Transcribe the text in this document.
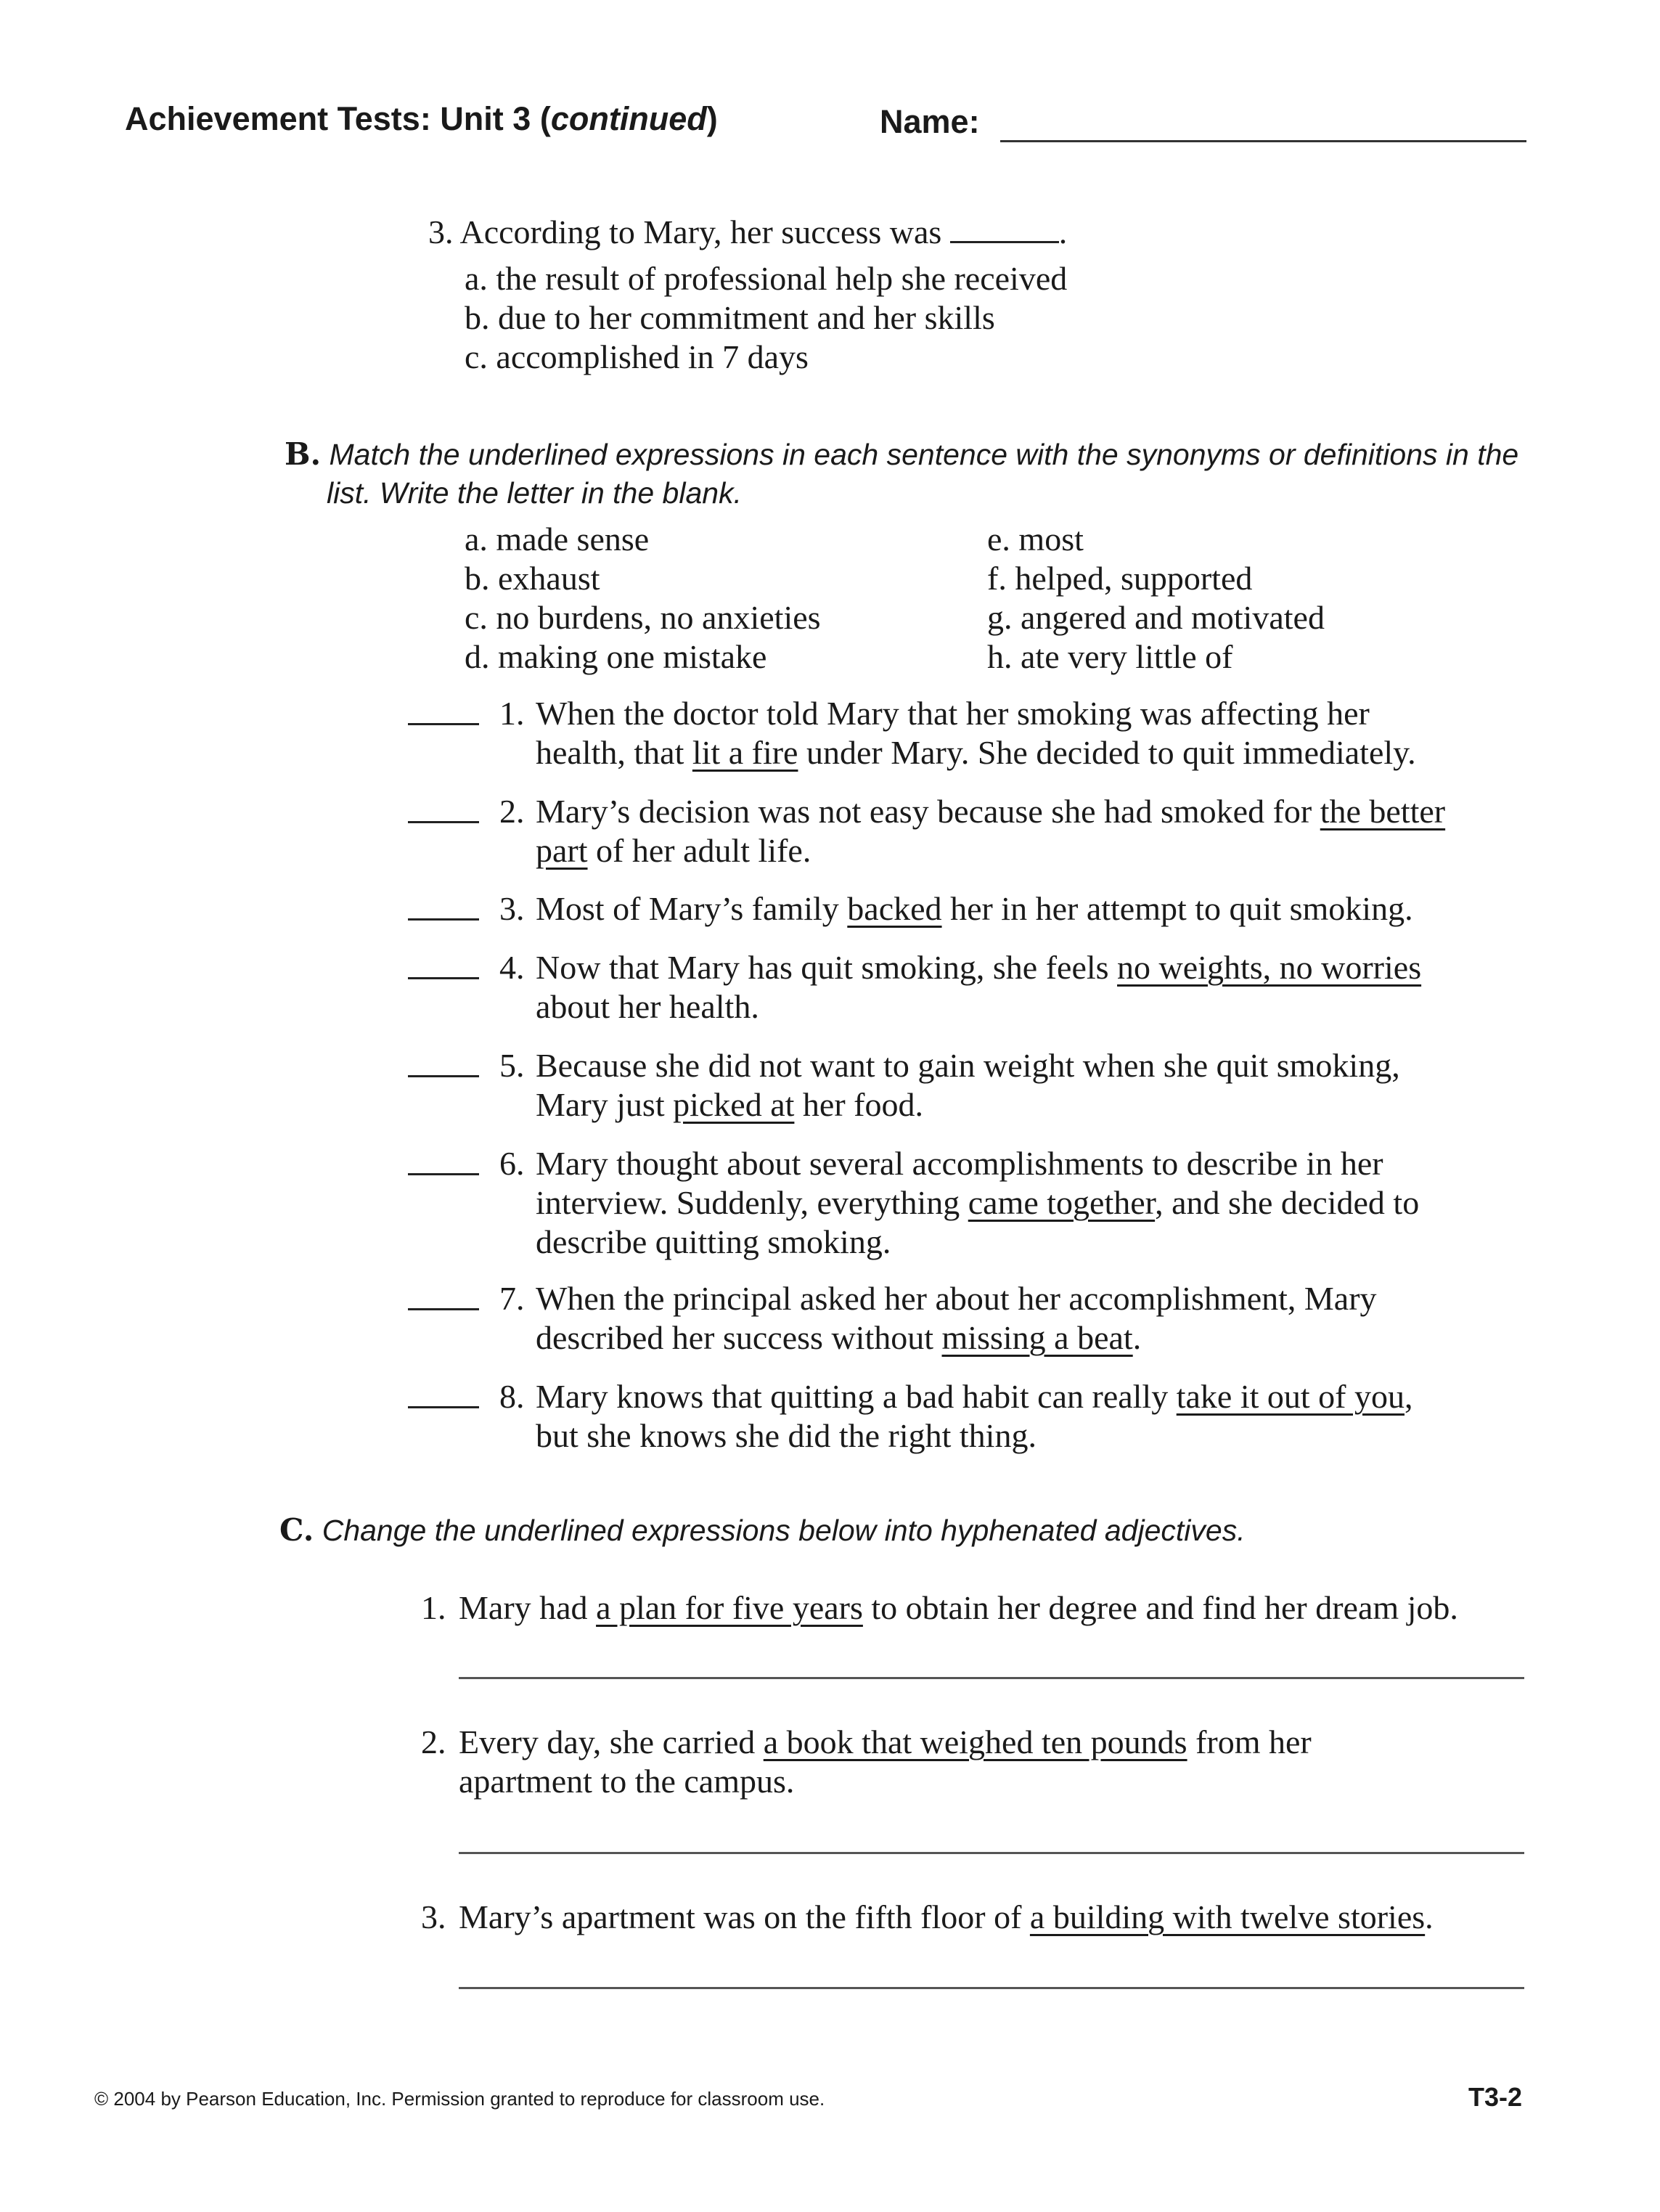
Achievement Tests: Unit 3 (continued)	Name:
3. According to Mary, her success was	.
a. the result of professional help she received
b. due to her commitment and her skills
c. accomplished in 7 days
B. Match the underlined expressions in each sentence with the synonyms or definitions in the
list. Write the letter in the blank.
a. made sense
b. exhaust
c. no burdens, no anxieties
d. making one mistake
e. most
f. helped, supported
g. angered and motivated
h. ate very little of
1. When the doctor told Mary that her smoking was affecting her
health, that lit a fire under Mary. She decided to quit immediately.
2. Mary’s decision was not easy because she had smoked for the better
part of her adult life.
3. Most of Mary’s family backed her in her attempt to quit smoking.
4. Now that Mary has quit smoking, she feels no weights, no worries
about her health.
5. Because she did not want to gain weight when she quit smoking,
Mary just picked at her food.
6. Mary thought about several accomplishments to describe in her
interview. Suddenly, everything came together, and she decided to
describe quitting smoking.
7. When the principal asked her about her accomplishment, Mary
described her success without missing a beat.
8. Mary knows that quitting a bad habit can really take it out of you,
but she knows she did the right thing.
C. Change the underlined expressions below into hyphenated adjectives.
1. Mary had a plan for five years to obtain her degree and find her dream job.
2. Every day, she carried a book that weighed ten pounds from her
apartment to the campus.
3. Mary’s apartment was on the fifth floor of a building with twelve stories.
© 2004 by Pearson Education, Inc. Permission granted to reproduce for classroom use.	T3-2
